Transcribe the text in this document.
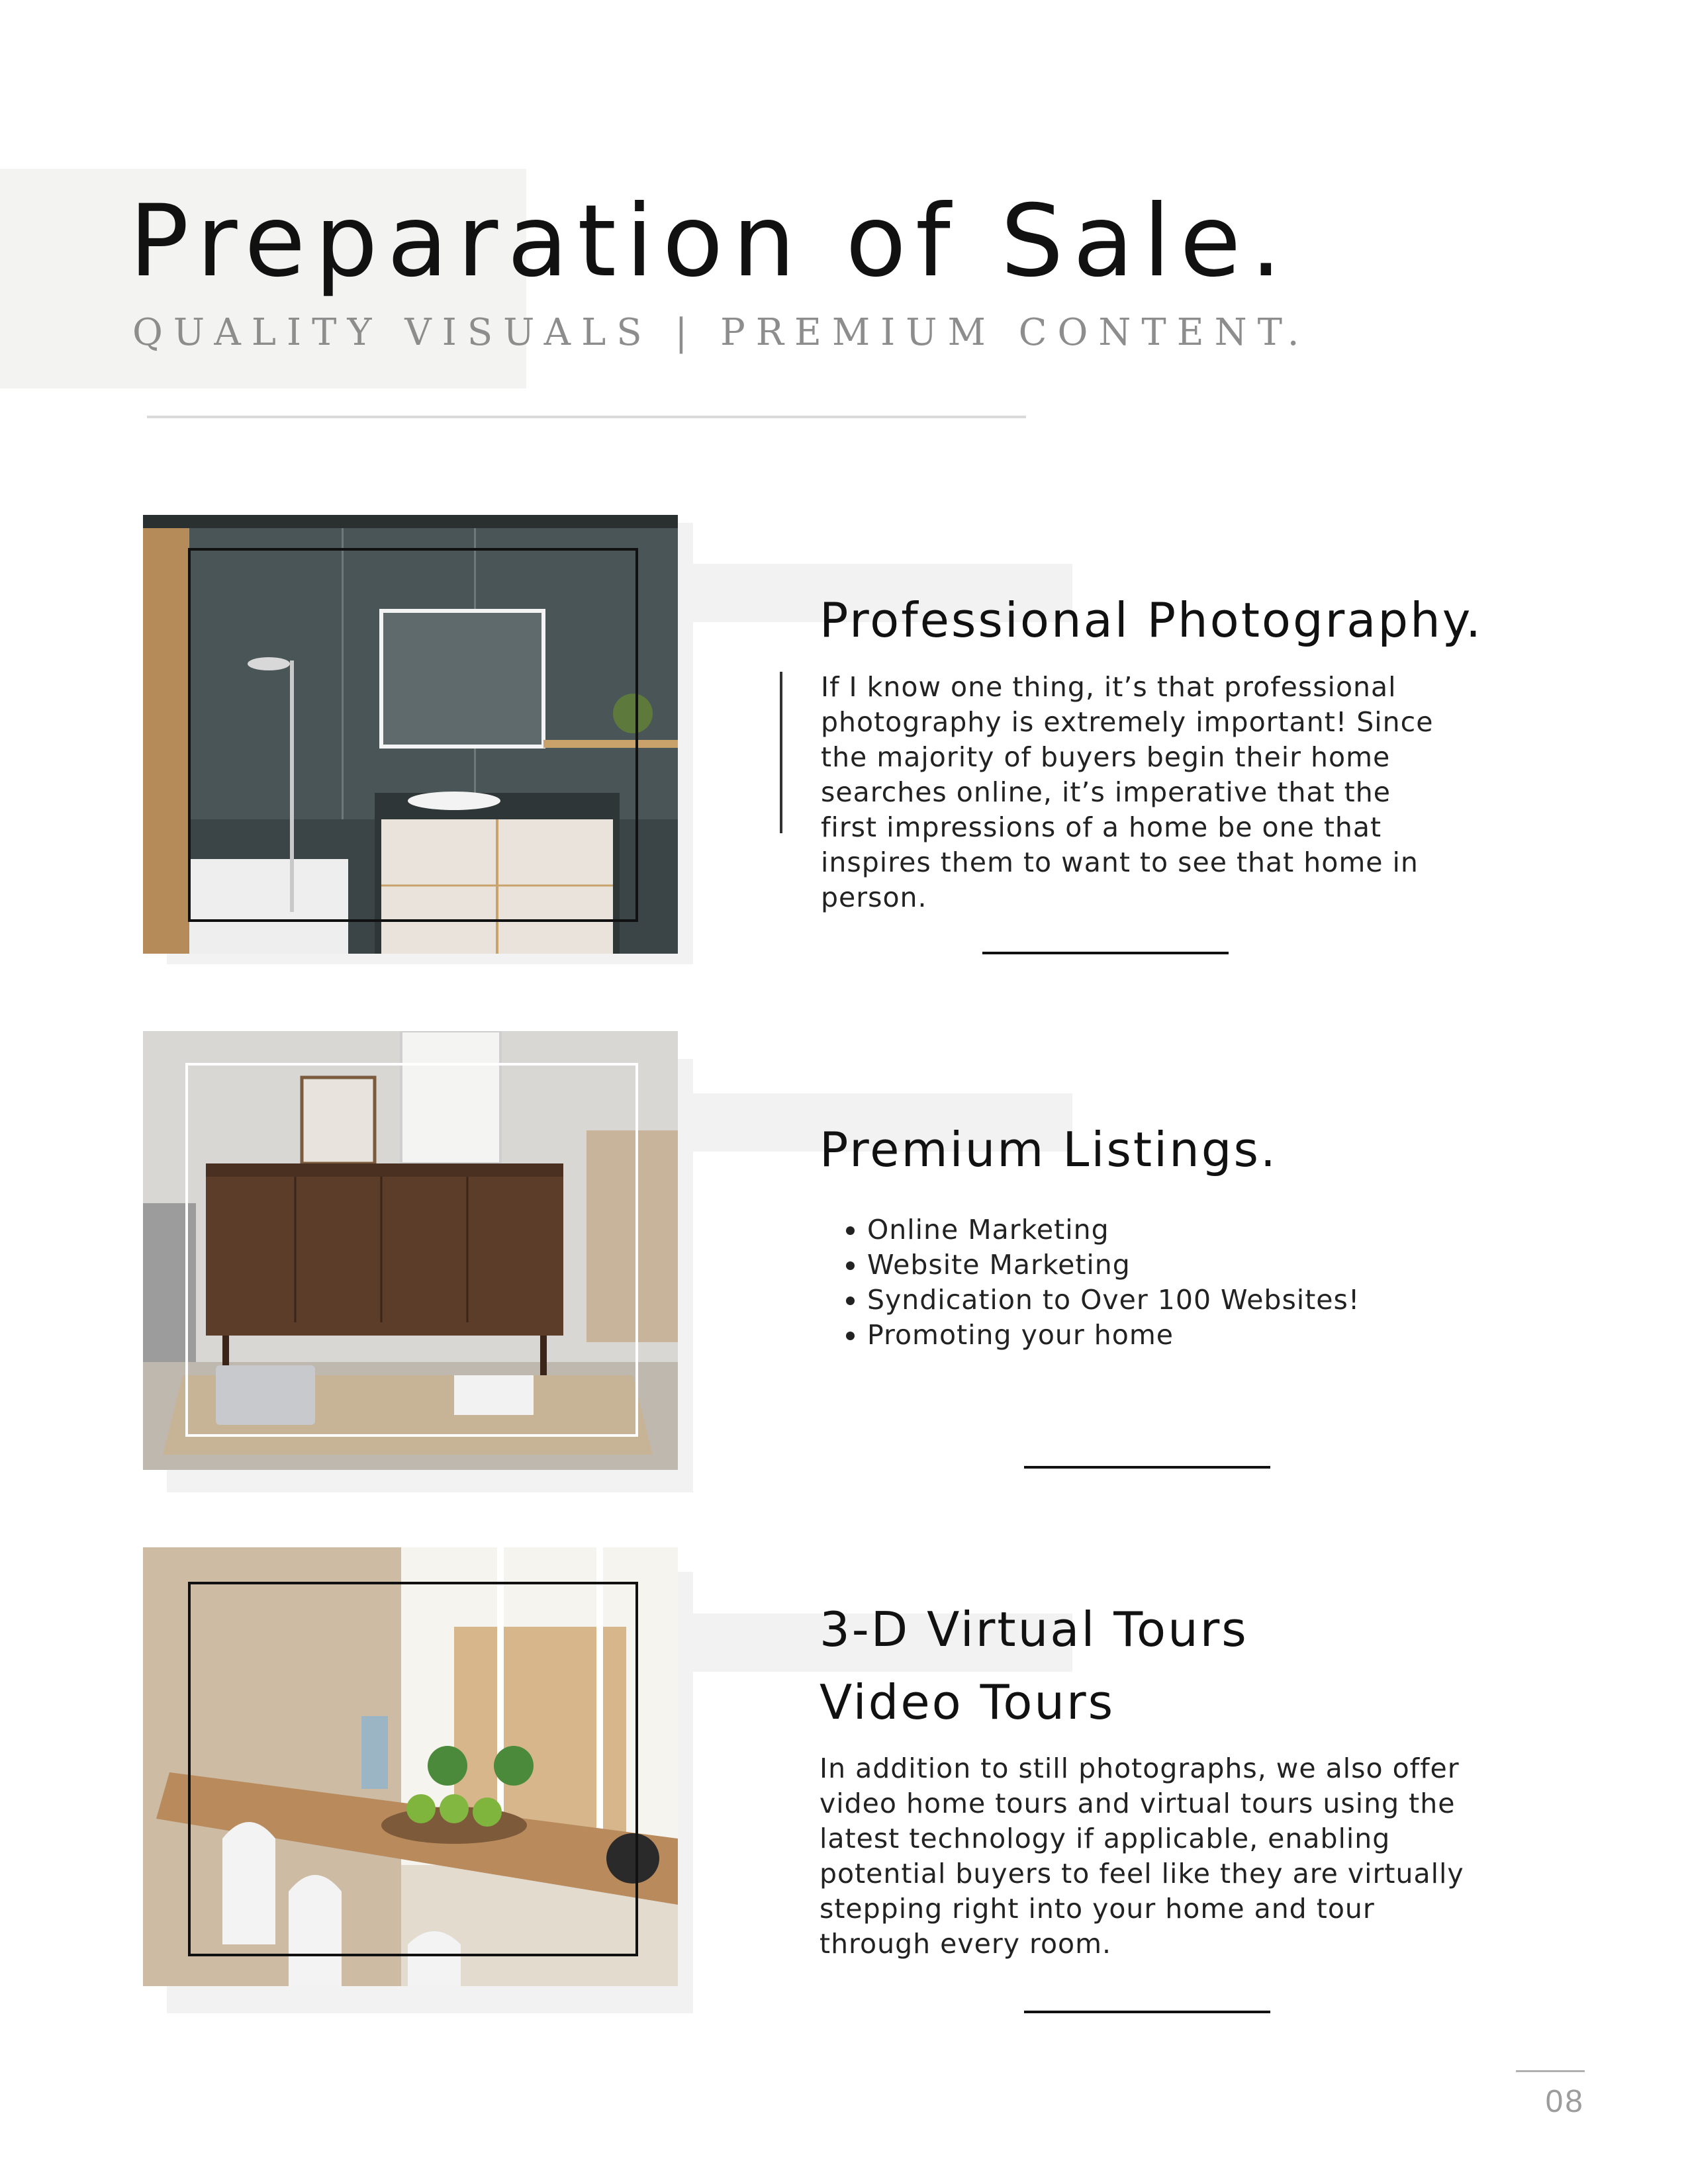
Preparation of Sale.
QUALITY VISUALS | PREMIUM CONTENT.
Professional Photography.

If I know one thing, it’s that professional photography is extremely important! Since the majority of buyers begin their home searches online, it’s imperative that the first impressions of a home be one that inspires them to want to see that home in person.

Premium Listings.
• Online Marketing
• Website Marketing
• Syndication to Over 100 Websites!
• Promoting your home
3-D Virtual Tours
Video Tours

In addition to still photographs, we also offer video home tours and virtual tours using the latest technology if applicable, enabling potential buyers to feel like they are virtually stepping right into your home and tour through every room.

08
